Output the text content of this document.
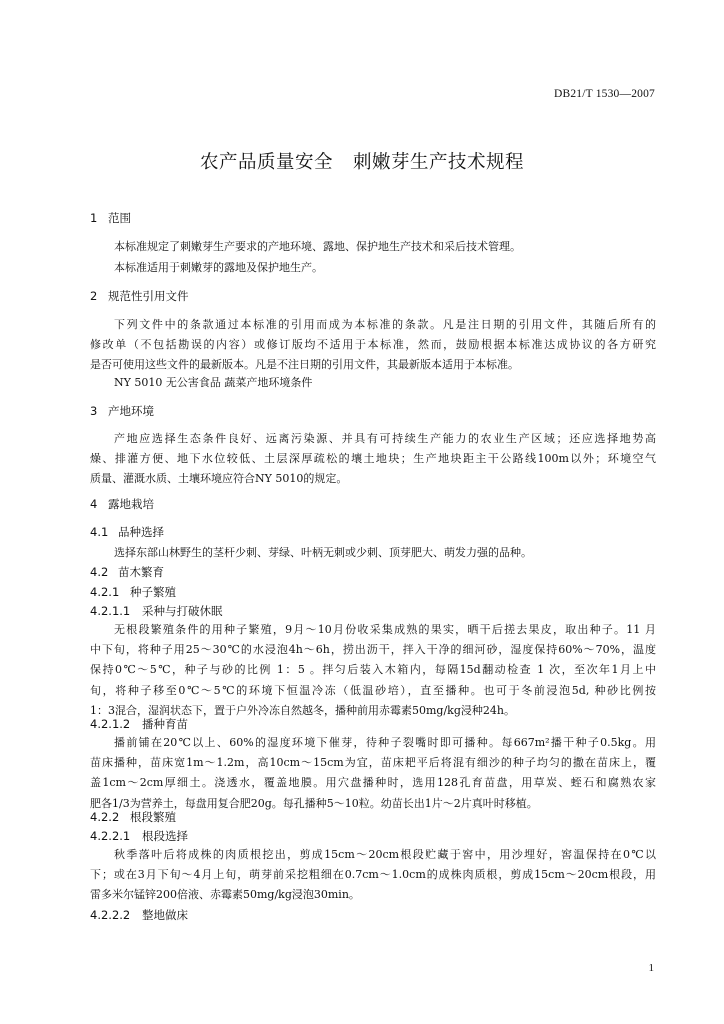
DB21/T 1530—2007
农产品质量安全 刺嫩芽生产技术规程
1 范围
本标准规定了刺嫩芽生产要求的产地环境、露地、保护地生产技术和采后技术管理。
本标准适用于刺嫩芽的露地及保护地生产。
2 规范性引用文件
下列文件中的条款通过本标准的引用而成为本标准的条款。凡是注日期的引用文件，其随后所有的
修改单（不包括勘误的内容）或修订版均不适用于本标准，然而，鼓励根据本标准达成协议的各方研究
是否可使用这些文件的最新版本。凡是不注日期的引用文件，其最新版本适用于本标准。
NY 5010 无公害食品 蔬菜产地环境条件
3 产地环境
产地应选择生态条件良好、远离污染源、并具有可持续生产能力的农业生产区域；还应选择地势高
燥、排灌方便、地下水位较低、土层深厚疏松的壤土地块；生产地块距主干公路线100m以外；环境空气
质量、灌溉水质、土壤环境应符合NY 5010的规定。
4 露地栽培
4.1 品种选择
选择东部山林野生的茎杆少刺、芽绿、叶柄无刺或少刺、顶芽肥大、萌发力强的品种。
4.2 苗木繁育
4.2.1 种子繁殖
4.2.1.1 采种与打破休眠
无根段繁殖条件的用种子繁殖，9月～10月份收采集成熟的果实，晒干后搓去果皮，取出种子。11 月
中下旬，将种子用25～30℃的水浸泡4h～6h，捞出沥干，拌入干净的细河砂，湿度保持60%～70%，温度
保持0℃～5℃，种子与砂的比例 1：5 。拌匀后装入木箱内，每隔15d翻动检查 1 次，至次年1月上中
旬，将种子移至0℃～5℃的环境下恒温冷冻（低温砂培），直至播种。也可于冬前浸泡5d, 种砂比例按
1：3混合，湿润状态下，置于户外冷冻自然越冬，播种前用赤霉素50mg/kg浸种24h。
4.2.1.2 播种育苗
播前铺在20℃以上、60%的湿度环境下催芽，待种子裂嘴时即可播种。每667m²播干种子0.5kg。用
苗床播种，苗床宽1m～1.2m，高10cm～15cm为宜，苗床耙平后将混有细沙的种子均匀的撒在苗床上，覆
盖1cm～2cm厚细土。浇透水，覆盖地膜。用穴盘播种时，选用128孔育苗盘，用草炭、蛭石和腐熟农家
肥各1/3为营养土，每盘用复合肥20g。每孔播种5～10粒。幼苗长出1片～2片真叶时移植。
4.2.2 根段繁殖
4.2.2.1 根段选择
秋季落叶后将成株的肉质根挖出，剪成15cm～20cm根段贮藏于窖中，用沙埋好，窖温保持在0℃以
下；或在3月下旬～4月上旬，萌芽前采挖粗细在0.7cm～1.0cm的成株肉质根，剪成15cm～20cm根段，用
雷多米尔锰锌200倍液、赤霉素50mg/kg浸泡30min。
4.2.2.2 整地做床
1
